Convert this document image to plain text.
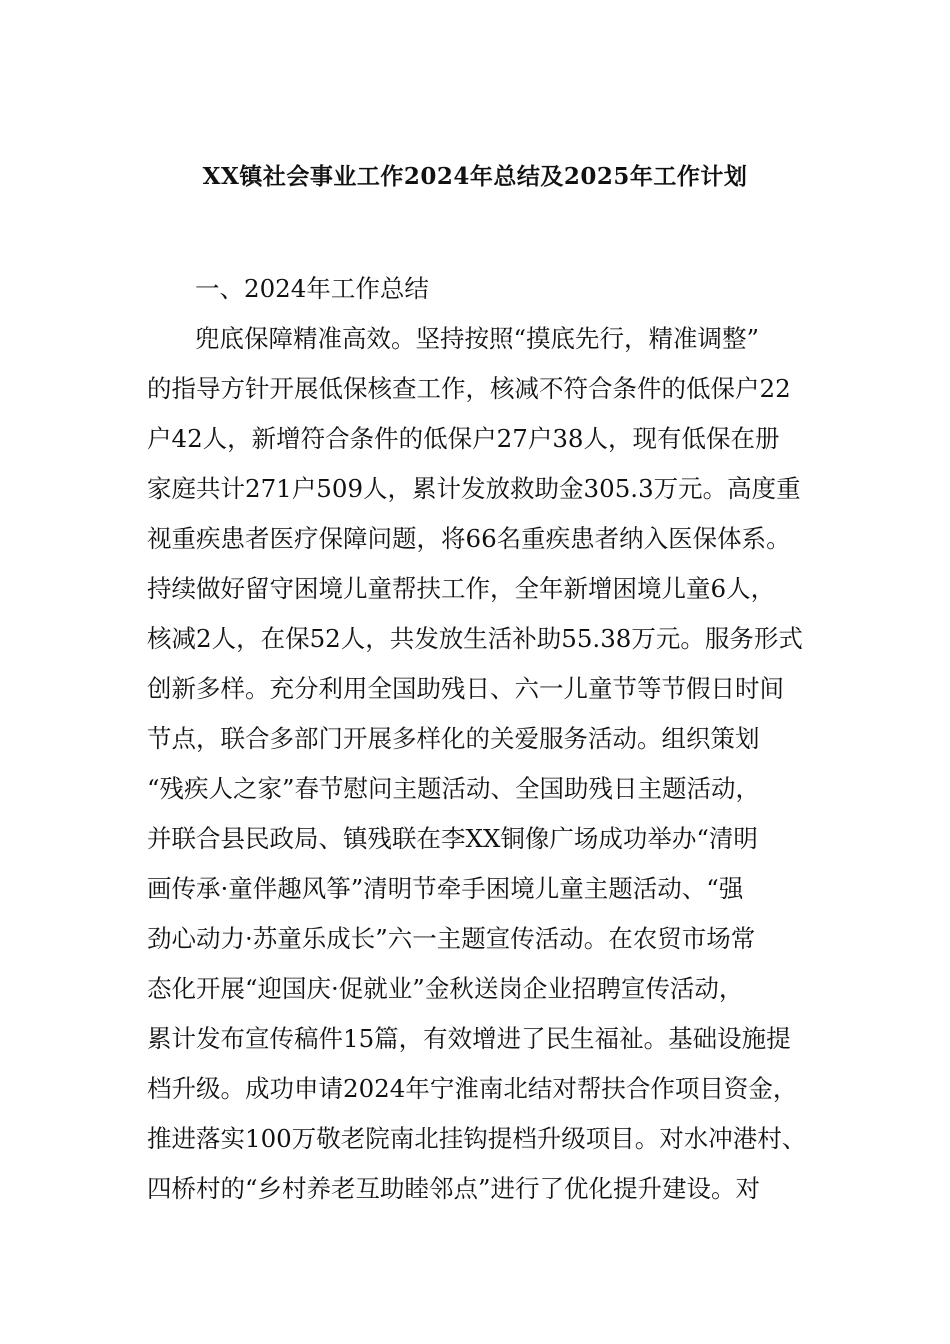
XX镇社会事业工作2024年总结及2025年工作计划
一、2024年工作总结
兜底保障精准高效。坚持按照“摸底先行，精准调整”
的指导方针开展低保核查工作，核减不符合条件的低保户22
户42人，新增符合条件的低保户27户38人，现有低保在册
家庭共计271户509人，累计发放救助金305.3万元。高度重
视重疾患者医疗保障问题，将66名重疾患者纳入医保体系。
持续做好留守困境儿童帮扶工作，全年新增困境儿童6人，
核减2人，在保52人，共发放生活补助55.38万元。服务形式
创新多样。充分利用全国助残日、六一儿童节等节假日时间
节点，联合多部门开展多样化的关爱服务活动。组织策划
“残疾人之家”春节慰问主题活动、全国助残日主题活动，
并联合县民政局、镇残联在李XX铜像广场成功举办“清明
画传承·童伴趣风筝”清明节牵手困境儿童主题活动、“强
劲心动力·苏童乐成长”六一主题宣传活动。在农贸市场常
态化开展“迎国庆·促就业”金秋送岗企业招聘宣传活动，
累计发布宣传稿件15篇，有效增进了民生福祉。基础设施提
档升级。成功申请2024年宁淮南北结对帮扶合作项目资金，
推进落实100万敬老院南北挂钩提档升级项目。对水冲港村、
四桥村的“乡村养老互助睦邻点”进行了优化提升建设。对
